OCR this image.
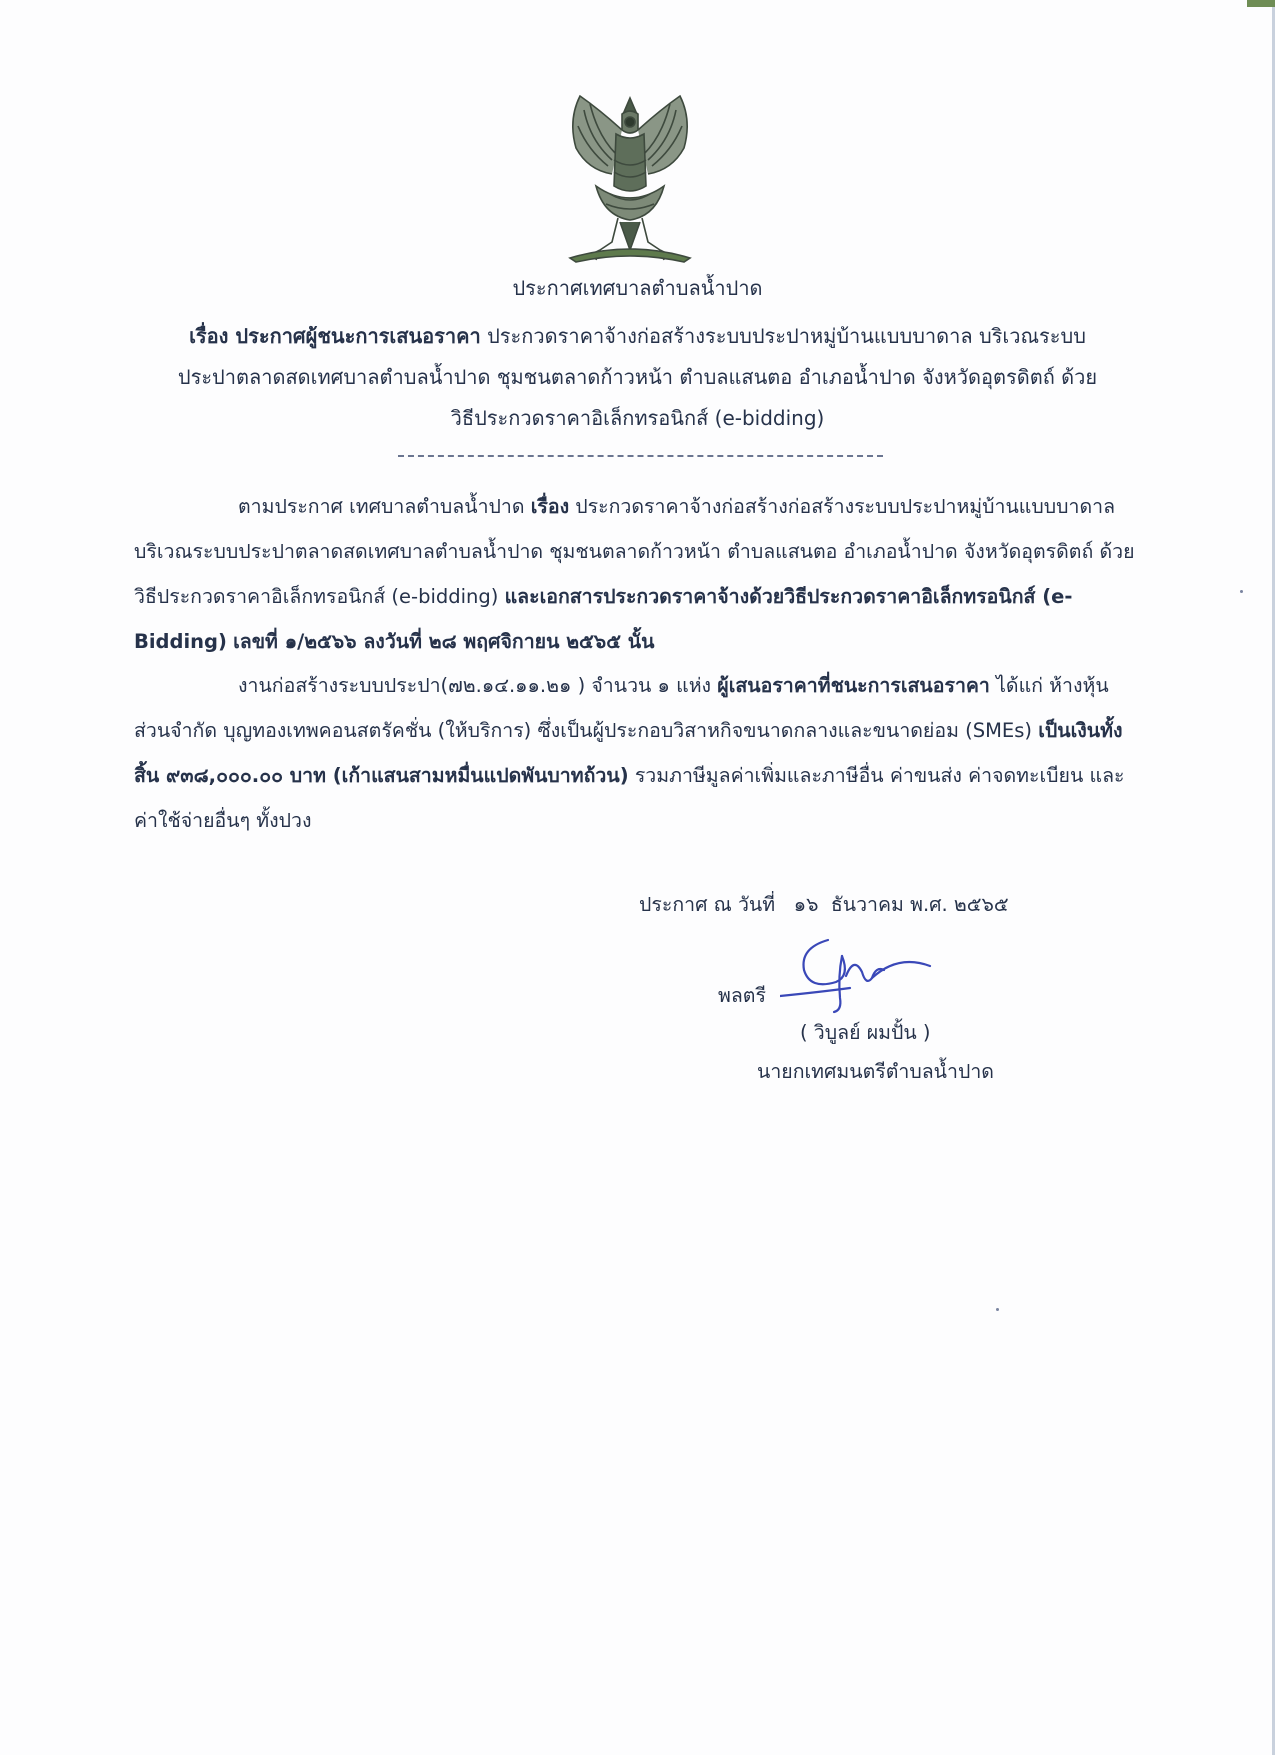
ประกาศเทศบาลตำบลน้ำปาด
เรื่อง ประกาศผู้ชนะการเสนอราคา ประกวดราคาจ้างก่อสร้างระบบประปาหมู่บ้านแบบบาดาล บริเวณระบบ
ประปาตลาดสดเทศบาลตำบลน้ำปาด ชุมชนตลาดก้าวหน้า ตำบลแสนตอ อำเภอน้ำปาด จังหวัดอุตรดิตถ์ ด้วย
วิธีประกวดราคาอิเล็กทรอนิกส์ (e-bidding)
ตามประกาศ เทศบาลตำบลน้ำปาด เรื่อง ประกวดราคาจ้างก่อสร้างก่อสร้างระบบประปาหมู่บ้านแบบบาดาล บริเวณระบบประปาตลาดสดเทศบาลตำบลน้ำปาด ชุมชนตลาดก้าวหน้า ตำบลแสนตอ อำเภอน้ำปาด จังหวัดอุตรดิตถ์ ด้วยวิธีประกวดราคาอิเล็กทรอนิกส์ (e-bidding) และเอกสารประกวดราคาจ้างด้วยวิธีประกวดราคาอิเล็กทรอนิกส์ (e-Bidding) เลขที่ ๑/๒๕๖๖ ลงวันที่ ๒๘ พฤศจิกายน ๒๕๖๕ นั้น
งานก่อสร้างระบบประปา(๗๒.๑๔.๑๑.๒๑ ) จำนวน ๑ แห่ง ผู้เสนอราคาที่ชนะการเสนอราคา ได้แก่ ห้างหุ้นส่วนจำกัด บุญทองเทพคอนสตรัคชั่น (ให้บริการ) ซึ่งเป็นผู้ประกอบวิสาหกิจขนาดกลางและขนาดย่อม (SMEs) เป็นเงินทั้งสิ้น ๙๓๘,๐๐๐.๐๐ บาท (เก้าแสนสามหมื่นแปดพันบาทถ้วน) รวมภาษีมูลค่าเพิ่มและภาษีอื่น ค่าขนส่ง ค่าจดทะเบียน และค่าใช้จ่ายอื่นๆ ทั้งปวง
ประกาศ ณ วันที่ ๑๖ ธันวาคม พ.ศ. ๒๕๖๕
พลตรี
( วิบูลย์ ผมปั้น )
นายกเทศมนตรีตำบลน้ำปาด
